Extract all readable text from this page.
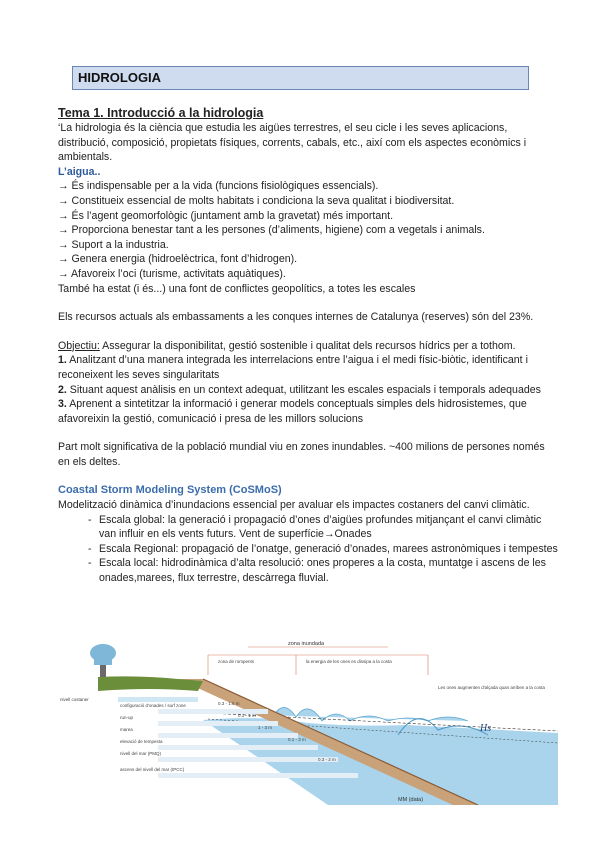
HIDROLOGIA
Tema 1. Introducció a la hidrologia

‘La hidrologia és la ciència que estudia les aigües terrestres, el seu cicle i les seves aplicacions, distribució, composició, propietats físiques, corrents, cabals, etc., així com els aspectes econòmics i ambientals.

L’aigua..
→ És indispensable per a la vida (funcions fisiològiques essencials).
→ Constitueix essencial de molts habitats i condiciona la seva qualitat i biodiversitat.
→ És l’agent geomorfològic (juntament amb la gravetat) més important.
→ Proporciona benestar tant a les persones (d’aliments, higiene) com a vegetals i animals.
→ Suport a la industria.
→ Genera energia (hidroelèctrica, font d’hidrogen).
→ Afavoreix l’oci (turisme, activitats aquàtiques).
També ha estat (i és...) una font de conflictes geopolítics, a totes les escales
Els recursos actuals als embassaments a les conques internes de Catalunya (reserves) són del 23%.
Objectiu: Assegurar la disponibilitat, gestió sostenible i qualitat dels recursos hídrics per a tothom.
1. Analitzant d’una manera integrada les interrelacions entre l’aigua i el medi físic-biòtic, identificant i reconeixent les seves singularitats
2. Situant aquest anàlisis en un context adequat, utilitzant les escales espacials i temporals adequades
3. Aprenent a sintetitzar la informació i generar models conceptuals simples dels hidrosistemes, que afavoreixin la gestió, comunicació i presa de les millors solucions
Part molt significativa de la població mundial viu en zones inundables. ~400 milions de persones només en els deltes.
Coastal Storm Modeling System (CoSMoS)
Modelització dinàmica d’inundacions essencial per avaluar els impactes costaners del canvi climàtic.
- Escala global: la generació i propagació d’ones d’aigües profundes mitjançant el canvi climàtic van influir en els vents futurs. Vent de superfície→Onades
- Escala Regional: propagació de l’onatge, generació d’onades, marees astronòmiques i tempestes
- Escala local: hidrodinàmica d’alta resolució: ones properes a la costa, muntatge i ascens de les onades,marees, flux terrestre, descàrrega fluvial.
zona inundada
zona de rompents	la energia de les ones es dissipa a la costa
Les ones augmenten d'alçada quan arriben a la costa
Hs
MM (data)
nivell costaner
configuració d'onades / surf zone
run-up
marea
elevació de tempesta
nivell del mar (PMQ)
ascens del nivell del mar (IPCC)
0.3 - 1.5 m
0.1 - 1 m
1 - 3 m
0.1 - 3 m
0.3 - 2 m
